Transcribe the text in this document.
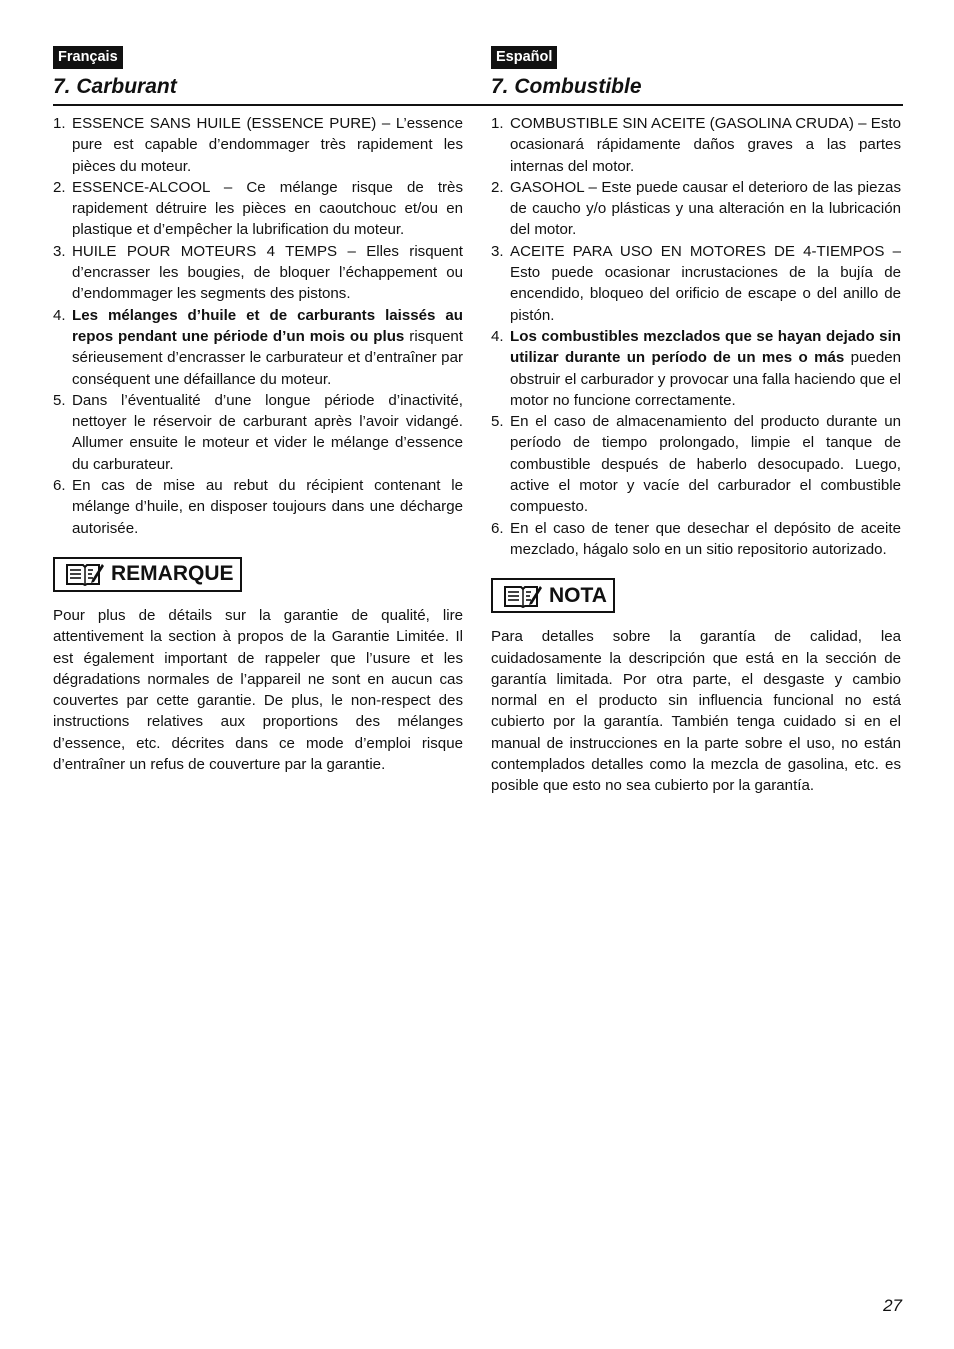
Français
7. Carburant
1. ESSENCE SANS HUILE (ESSENCE PURE) – L’essence pure est capable d’endommager très rapidement les pièces du moteur.
2. ESSENCE-ALCOOL – Ce mélange risque de très rapidement détruire les pièces en caoutchouc et/ou en plastique et d’empêcher la lubrification du moteur.
3. HUILE POUR MOTEURS 4 TEMPS – Elles risquent d’encrasser les bougies, de bloquer l’échappement ou d’endommager les segments des pistons.
4. Les mélanges d’huile et de carburants laissés au repos pendant une période d’un mois ou plus risquent sérieusement d’encrasser le carburateur et d’entraîner par conséquent une défaillance du moteur.
5. Dans l’éventualité d’une longue période d’inactivité, nettoyer le réservoir de carburant après l’avoir vidangé. Allumer ensuite le moteur et vider le mélange d’essence du carburateur.
6. En cas de mise au rebut du récipient contenant le mélange d’huile, en disposer toujours dans une décharge autorisée.
REMARQUE
Pour plus de détails sur la garantie de qualité, lire attentivement la section à propos de la Garantie Limitée. Il est également important de rappeler que l’usure et les dégradations normales de l’appareil ne sont en aucun cas couvertes par cette garantie. De plus, le non-respect des instructions relatives aux proportions des mélanges d’essence, etc. décrites dans ce mode d’emploi risque d’entraîner un refus de couverture par la garantie.
Español
7. Combustible
1. COMBUSTIBLE SIN ACEITE (GASOLINA CRUDA) – Esto ocasionará rápidamente daños graves a las partes internas del motor.
2. GASOHOL – Este puede causar el deterioro de las piezas de caucho y/o plásticas y una alteración en la lubricación del motor.
3. ACEITE PARA USO EN MOTORES DE 4-TIEMPOS – Esto puede ocasionar incrustaciones de la bujía de encendido, bloqueo del orificio de escape o del anillo de pistón.
4. Los combustibles mezclados que se hayan dejado sin utilizar durante un período de un mes o más pueden obstruir el carburador y provocar una falla haciendo que el motor no funcione correctamente.
5. En el caso de almacenamiento del producto durante un período de tiempo prolongado, limpie el tanque de combustible después de haberlo desocupado. Luego, active el motor y vacíe del carburador el combustible compuesto.
6. En el caso de tener que desechar el depósito de aceite mezclado, hágalo solo en un sitio repositorio autorizado.
NOTA
Para detalles sobre la garantía de calidad, lea cuidadosamente la descripción que está en la sección de garantía limitada. Por otra parte, el desgaste y cambio normal en el producto sin influencia funcional no está cubierto por la garantía. También tenga cuidado si en el manual de instrucciones en la parte sobre el uso, no están contemplados detalles como la mezcla de gasolina, etc. es posible que esto no sea cubierto por la garantía.
27
